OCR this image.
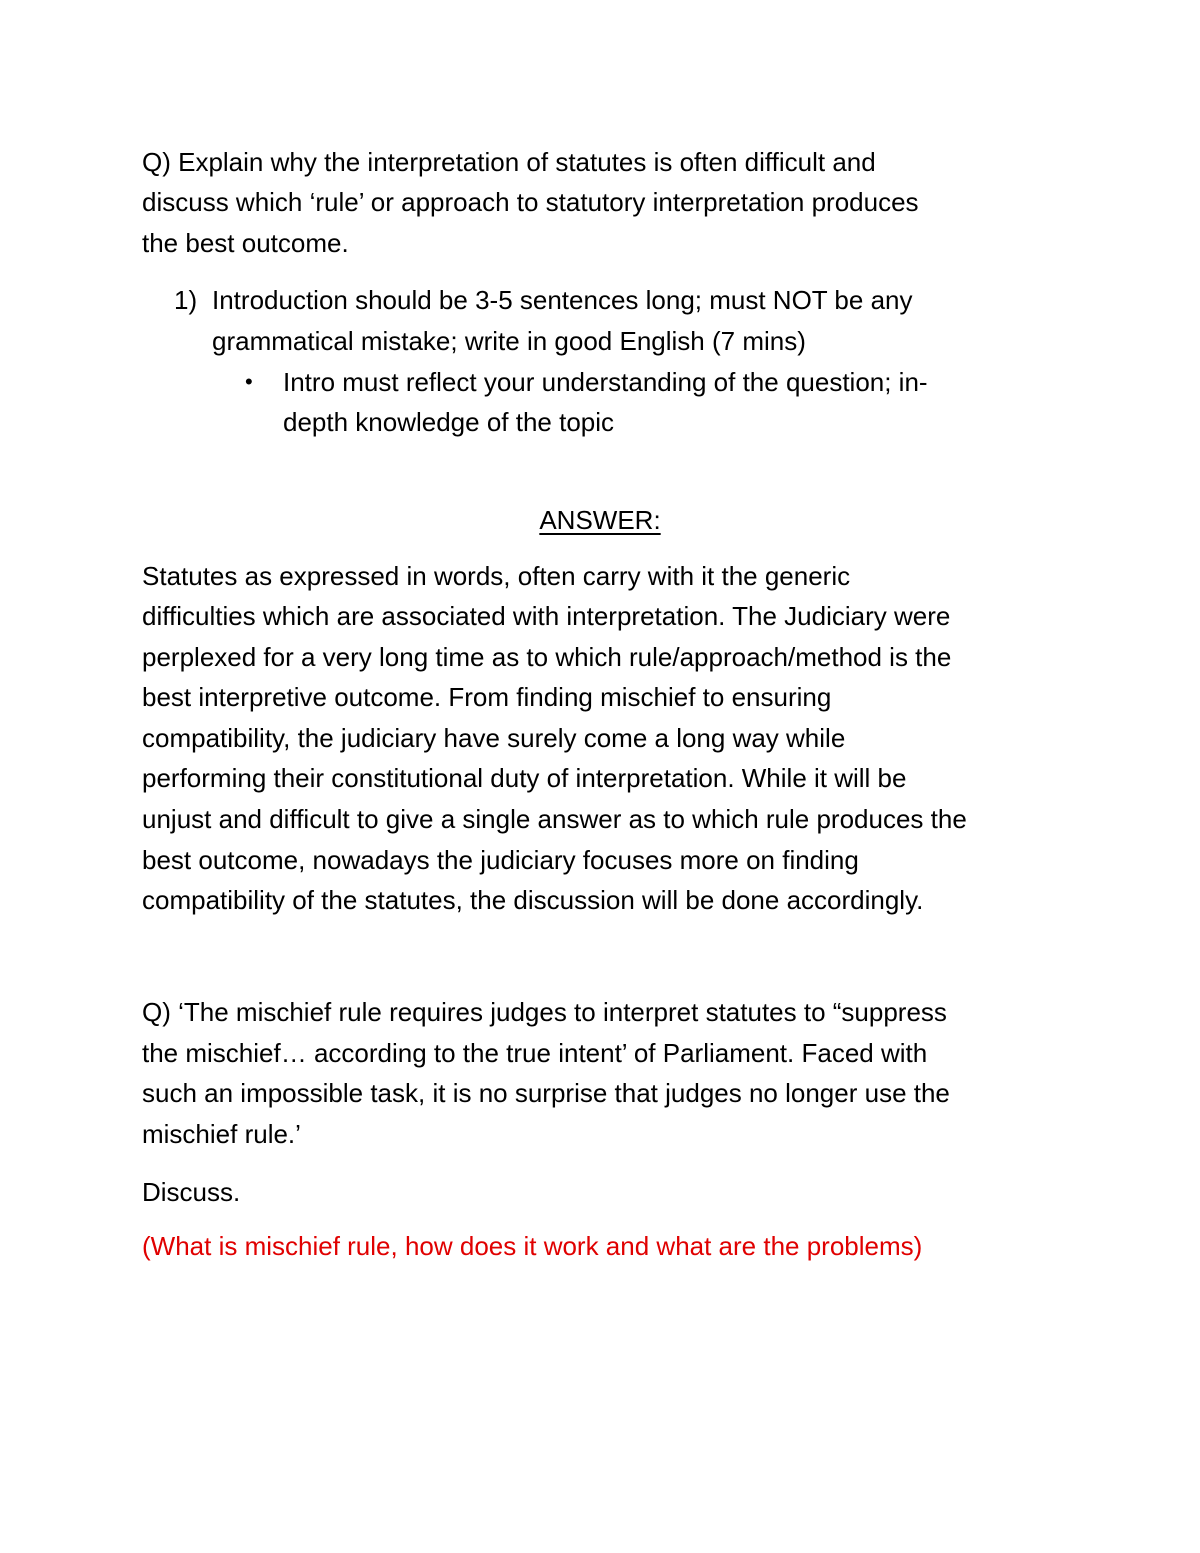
Q) Explain why the interpretation of statutes is often difficult and

discuss which ‘rule’ or approach to statutory interpretation produces

the best outcome.

1) Introduction should be 3-5 sentences long; must NOT be any
grammatical mistake; write in good English (7 mins)
• Intro must reflect your understanding of the question; in-
depth knowledge of the topic
ANSWER:

Statutes as expressed in words, often carry with it the generic

difficulties which are associated with interpretation. The Judiciary were

perplexed for a very long time as to which rule/approach/method is the

best interpretive outcome. From finding mischief to ensuring

compatibility, the judiciary have surely come a long way while

performing their constitutional duty of interpretation. While it will be

unjust and difficult to give a single answer as to which rule produces the

best outcome, nowadays the judiciary focuses more on finding

compatibility of the statutes, the discussion will be done accordingly.

Q) ‘The mischief rule requires judges to interpret statutes to “suppress

the mischief… according to the true intent’ of Parliament. Faced with

such an impossible task, it is no surprise that judges no longer use the

mischief rule.’

Discuss.

(What is mischief rule, how does it work and what are the problems)
